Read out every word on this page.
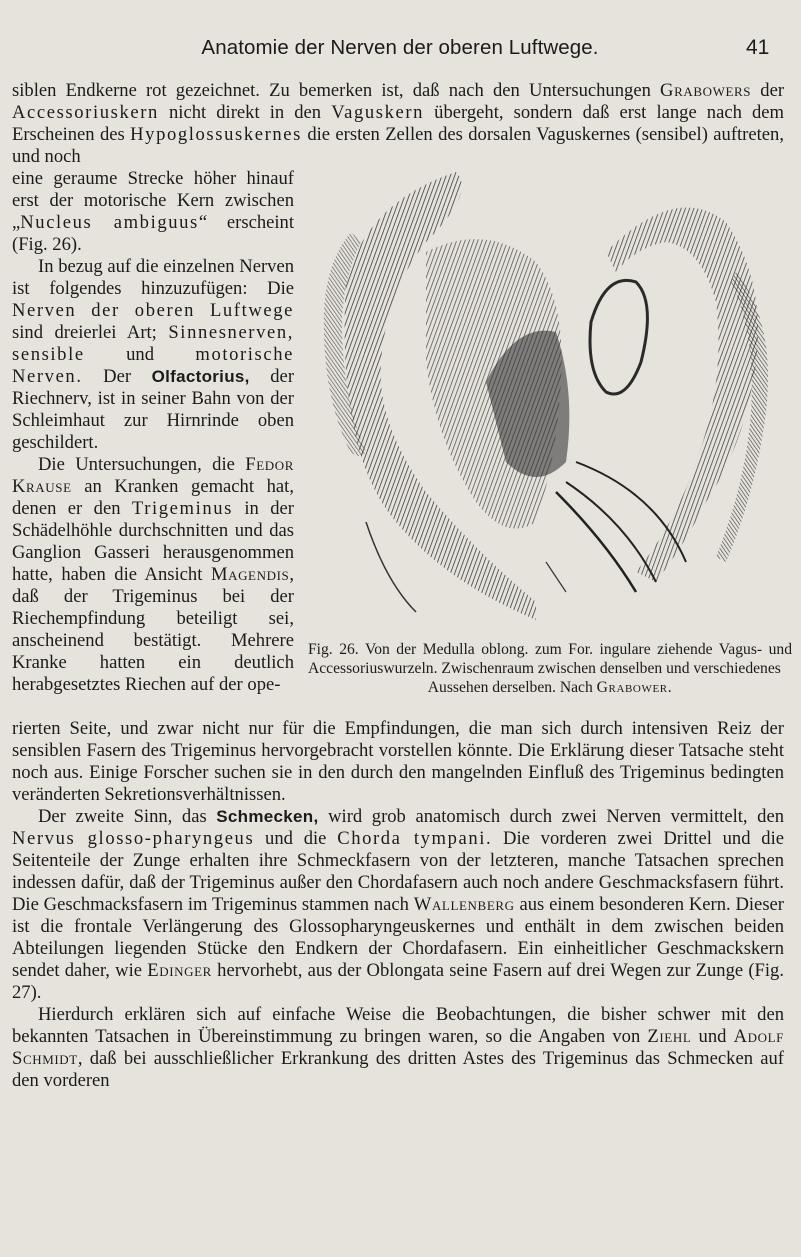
Anatomie der Nerven der oberen Luftwege.	41

siblen Endkerne rot gezeichnet. Zu bemerken ist, daß nach den Untersuchungen Grabowers der Accessoriuskern nicht direkt in den Vaguskern übergeht, sondern daß erst lange nach dem Erscheinen des Hypoglossuskernes die ersten Zellen des dorsalen Vaguskernes (sensibel) auftreten, und noch

eine geraume Strecke höher hinauf erst der motorische Kern zwischen „Nucleus ambiguus“ erscheint (Fig. 26).

In bezug auf die einzelnen Nerven ist folgendes hinzuzufügen: Die Nerven der oberen Luftwege sind dreierlei Art; Sinnesnerven, sensible und motorische Nerven. Der Olfactorius, der Riechnerv, ist in seiner Bahn von der Schleimhaut zur Hirnrinde oben geschildert.

Die Untersuchungen, die Fedor Krause an Kranken gemacht hat, denen er den Trigeminus in der Schädelhöhle durchschnitten und das Ganglion Gasseri herausgenommen hatte, haben die Ansicht Magendis, daß der Trigeminus bei der Riechempfindung beteiligt sei, anscheinend bestätigt. Mehrere Kranke hatten ein deutlich herabgesetztes Riechen auf der ope-

Fig. 26. Von der Medulla oblong. zum For. ingulare ziehende Vagus- und Accessoriuswurzeln. Zwischenraum zwischen denselben und verschiedenes
Aussehen derselben. Nach Grabower.

rierten Seite, und zwar nicht nur für die Empfindungen, die man sich durch intensiven Reiz der sensiblen Fasern des Trigeminus hervorgebracht vorstellen könnte. Die Erklärung dieser Tatsache steht noch aus. Einige Forscher suchen sie in den durch den mangelnden Einfluß des Trigeminus bedingten veränderten Sekretionsverhältnissen.

Der zweite Sinn, das Schmecken, wird grob anatomisch durch zwei Nerven vermittelt, den Nervus glosso-pharyngeus und die Chorda tympani. Die vorderen zwei Drittel und die Seitenteile der Zunge erhalten ihre Schmeckfasern von der letzteren, manche Tatsachen sprechen indessen dafür, daß der Trigeminus außer den Chordafasern auch noch andere Geschmacksfasern führt. Die Geschmacksfasern im Trigeminus stammen nach Wallenberg aus einem besonderen Kern. Dieser ist die frontale Verlängerung des Glossopharyngeuskernes und enthält in dem zwischen beiden Abteilungen liegenden Stücke den Endkern der Chordafasern. Ein einheitlicher Geschmackskern sendet daher, wie Edinger hervorhebt, aus der Oblongata seine Fasern auf drei Wegen zur Zunge (Fig. 27).

Hierdurch erklären sich auf einfache Weise die Beobachtungen, die bisher schwer mit den bekannten Tatsachen in Übereinstimmung zu bringen waren, so die Angaben von Ziehl und Adolf Schmidt, daß bei ausschließlicher Erkrankung des dritten Astes des Trigeminus das Schmecken auf den vorderen
